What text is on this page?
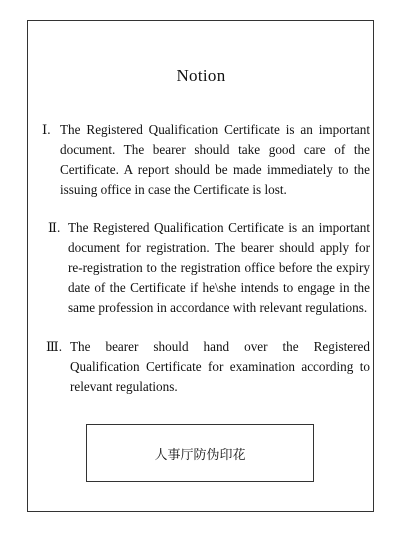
Notion
Ⅰ. The Registered Qualification Certificate is an important document. The bearer should take good care of the Certificate. A report should be made immediately to the issuing office in case the Certificate is lost.
Ⅱ. The Registered Qualification Certificate is an important document for registration. The bearer should apply for re-registration to the registration office before the expiry date of the Certificate if he\she intends to engage in the same profession in accordance with relevant regulations.
Ⅲ. The bearer should hand over the Registered Qualification Certificate for examination according to relevant regulations.
人事厅防伪印花
